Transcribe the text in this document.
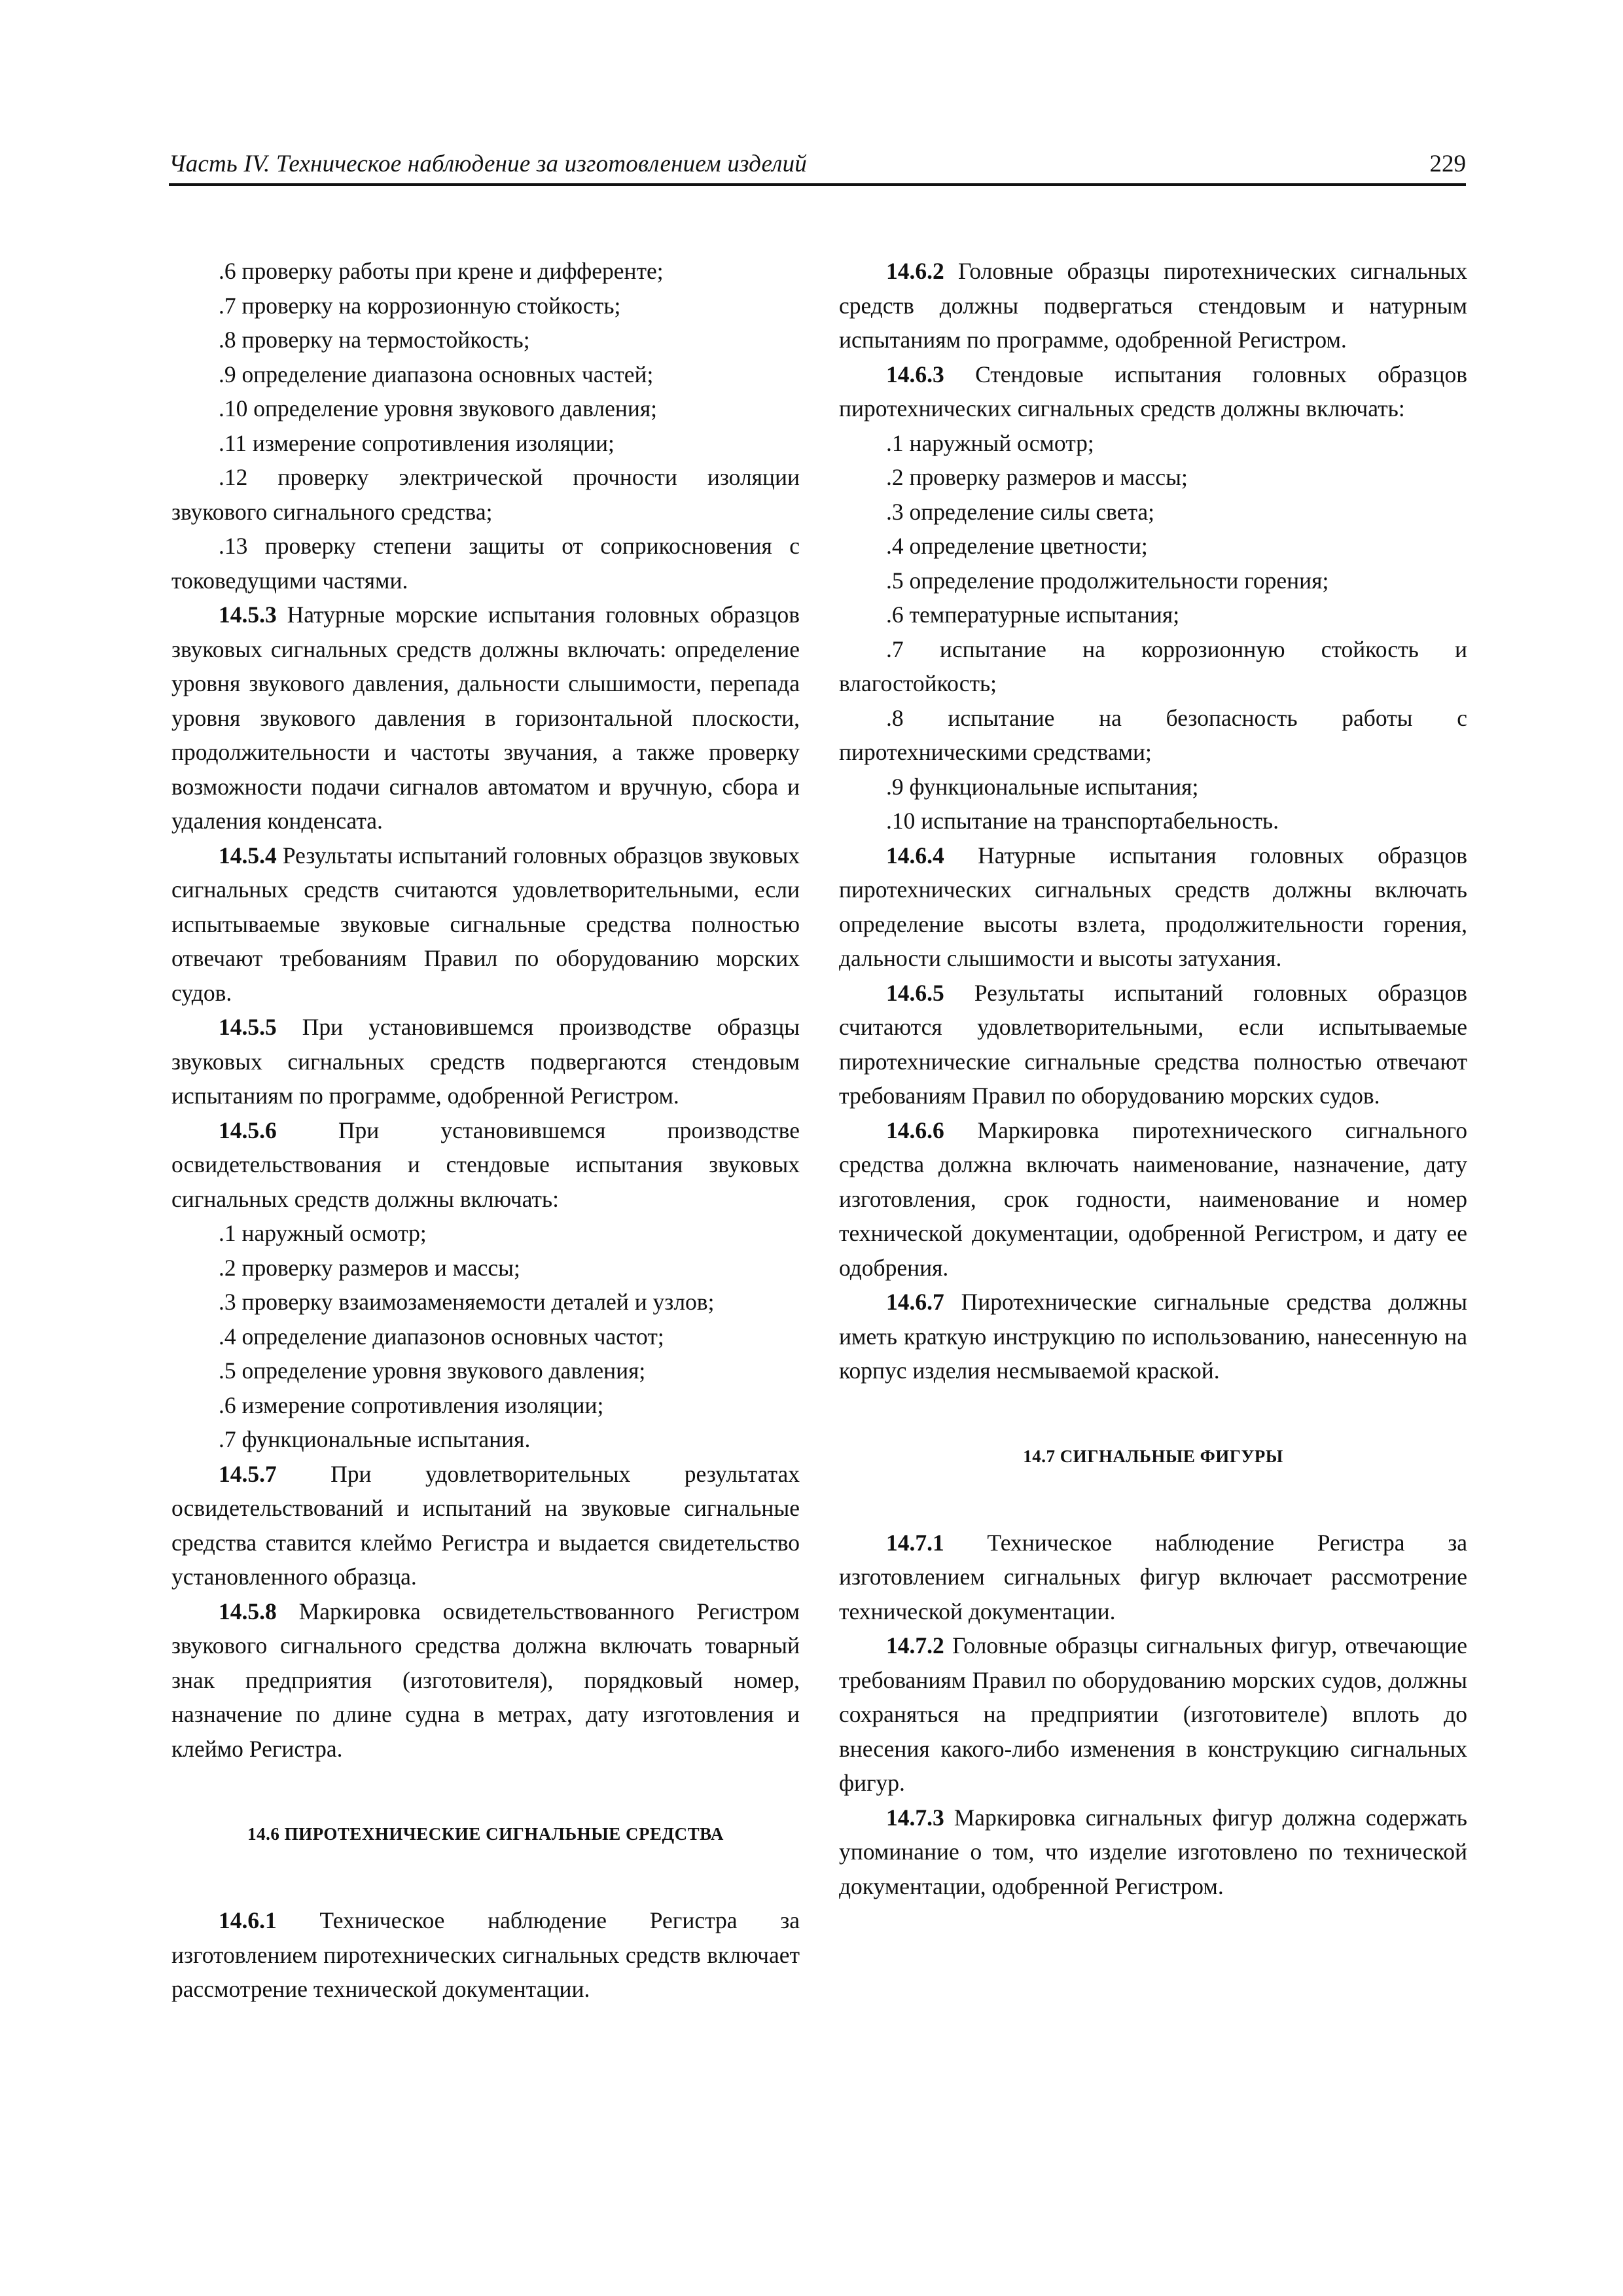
Часть IV. Техническое наблюдение за изготовлением изделий	229

.6 проверку работы при крене и дифференте;

.7 проверку на коррозионную стойкость;

.8 проверку на термостойкость;

.9 определение диапазона основных частей;

.10 определение уровня звукового давления;

.11 измерение сопротивления изоляции;

.12 проверку электрической прочности изоляции звукового сигнального средства;

.13 проверку степени защиты от соприкосновения с токоведущими частями.

14.5.3 Натурные морские испытания головных образцов звуковых сигнальных средств должны включать: определение уровня звукового давления, дальности слышимости, перепада уровня звукового давления в горизонтальной плоскости, продолжительности и частоты звучания, а также проверку возможности подачи сигналов автоматом и вручную, сбора и удаления конденсата.

14.5.4 Результаты испытаний головных образцов звуковых сигнальных средств считаются удовлетворительными, если испытываемые звуковые сигнальные средства полностью отвечают требованиям Правил по оборудованию морских судов.

14.5.5 При установившемся производстве образцы звуковых сигнальных средств подвергаются стендовым испытаниям по программе, одобренной Регистром.

14.5.6 При установившемся производстве освидетельствования и стендовые испытания звуковых сигнальных средств должны включать:

.1 наружный осмотр;

.2 проверку размеров и массы;

.3 проверку взаимозаменяемости деталей и узлов;

.4 определение диапазонов основных частот;

.5 определение уровня звукового давления;

.6 измерение сопротивления изоляции;

.7 функциональные испытания.

14.5.7 При удовлетворительных результатах освидетельствований и испытаний на звуковые сигнальные средства ставится клеймо Регистра и выдается свидетельство установленного образца.

14.5.8 Маркировка освидетельствованного Регистром звукового сигнального средства должна включать товарный знак предприятия (изготовителя), порядковый номер, назначение по длине судна в метрах, дату изготовления и клеймо Регистра.

14.6 ПИРОТЕХНИЧЕСКИЕ СИГНАЛЬНЫЕ СРЕДСТВА

14.6.1 Техническое наблюдение Регистра за изготовлением пиротехнических сигнальных средств включает рассмотрение технической документации.

14.6.2 Головные образцы пиротехнических сигнальных средств должны подвергаться стендовым и натурным испытаниям по программе, одобренной Регистром.

14.6.3 Стендовые испытания головных образцов пиротехнических сигнальных средств должны включать:

.1 наружный осмотр;

.2 проверку размеров и массы;

.3 определение силы света;

.4 определение цветности;

.5 определение продолжительности горения;

.6 температурные испытания;

.7 испытание на коррозионную стойкость и влагостойкость;

.8 испытание на безопасность работы с пиротехническими средствами;

.9 функциональные испытания;

.10 испытание на транспортабельность.

14.6.4 Натурные испытания головных образцов пиротехнических сигнальных средств должны включать определение высоты взлета, продолжительности горения, дальности слышимости и высоты затухания.

14.6.5 Результаты испытаний головных образцов считаются удовлетворительными, если испытываемые пиротехнические сигнальные средства полностью отвечают требованиям Правил по оборудованию морских судов.

14.6.6 Маркировка пиротехнического сигнального средства должна включать наименование, назначение, дату изготовления, срок годности, наименование и номер технической документации, одобренной Регистром, и дату ее одобрения.

14.6.7 Пиротехнические сигнальные средства должны иметь краткую инструкцию по использованию, нанесенную на корпус изделия несмываемой краской.

14.7 СИГНАЛЬНЫЕ ФИГУРЫ

14.7.1 Техническое наблюдение Регистра за изготовлением сигнальных фигур включает рассмотрение технической документации.

14.7.2 Головные образцы сигнальных фигур, отвечающие требованиям Правил по оборудованию морских судов, должны сохраняться на предприятии (изготовителе) вплоть до внесения какого-либо изменения в конструкцию сигнальных фигур.

14.7.3 Маркировка сигнальных фигур должна содержать упоминание о том, что изделие изготовлено по технической документации, одобренной Регистром.
